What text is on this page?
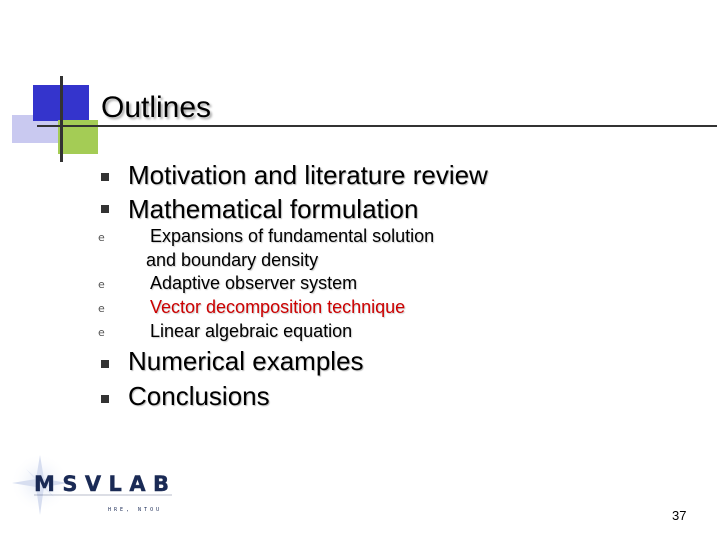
Outlines
Motivation and literature review
Mathematical formulation
e	Expansions of fundamental solution
and boundary density
e	Adaptive observer system
e	Vector decomposition technique
e	Linear algebraic equation
Numerical examples
Conclusions
MSVLAB
HRE, NTOU	37
